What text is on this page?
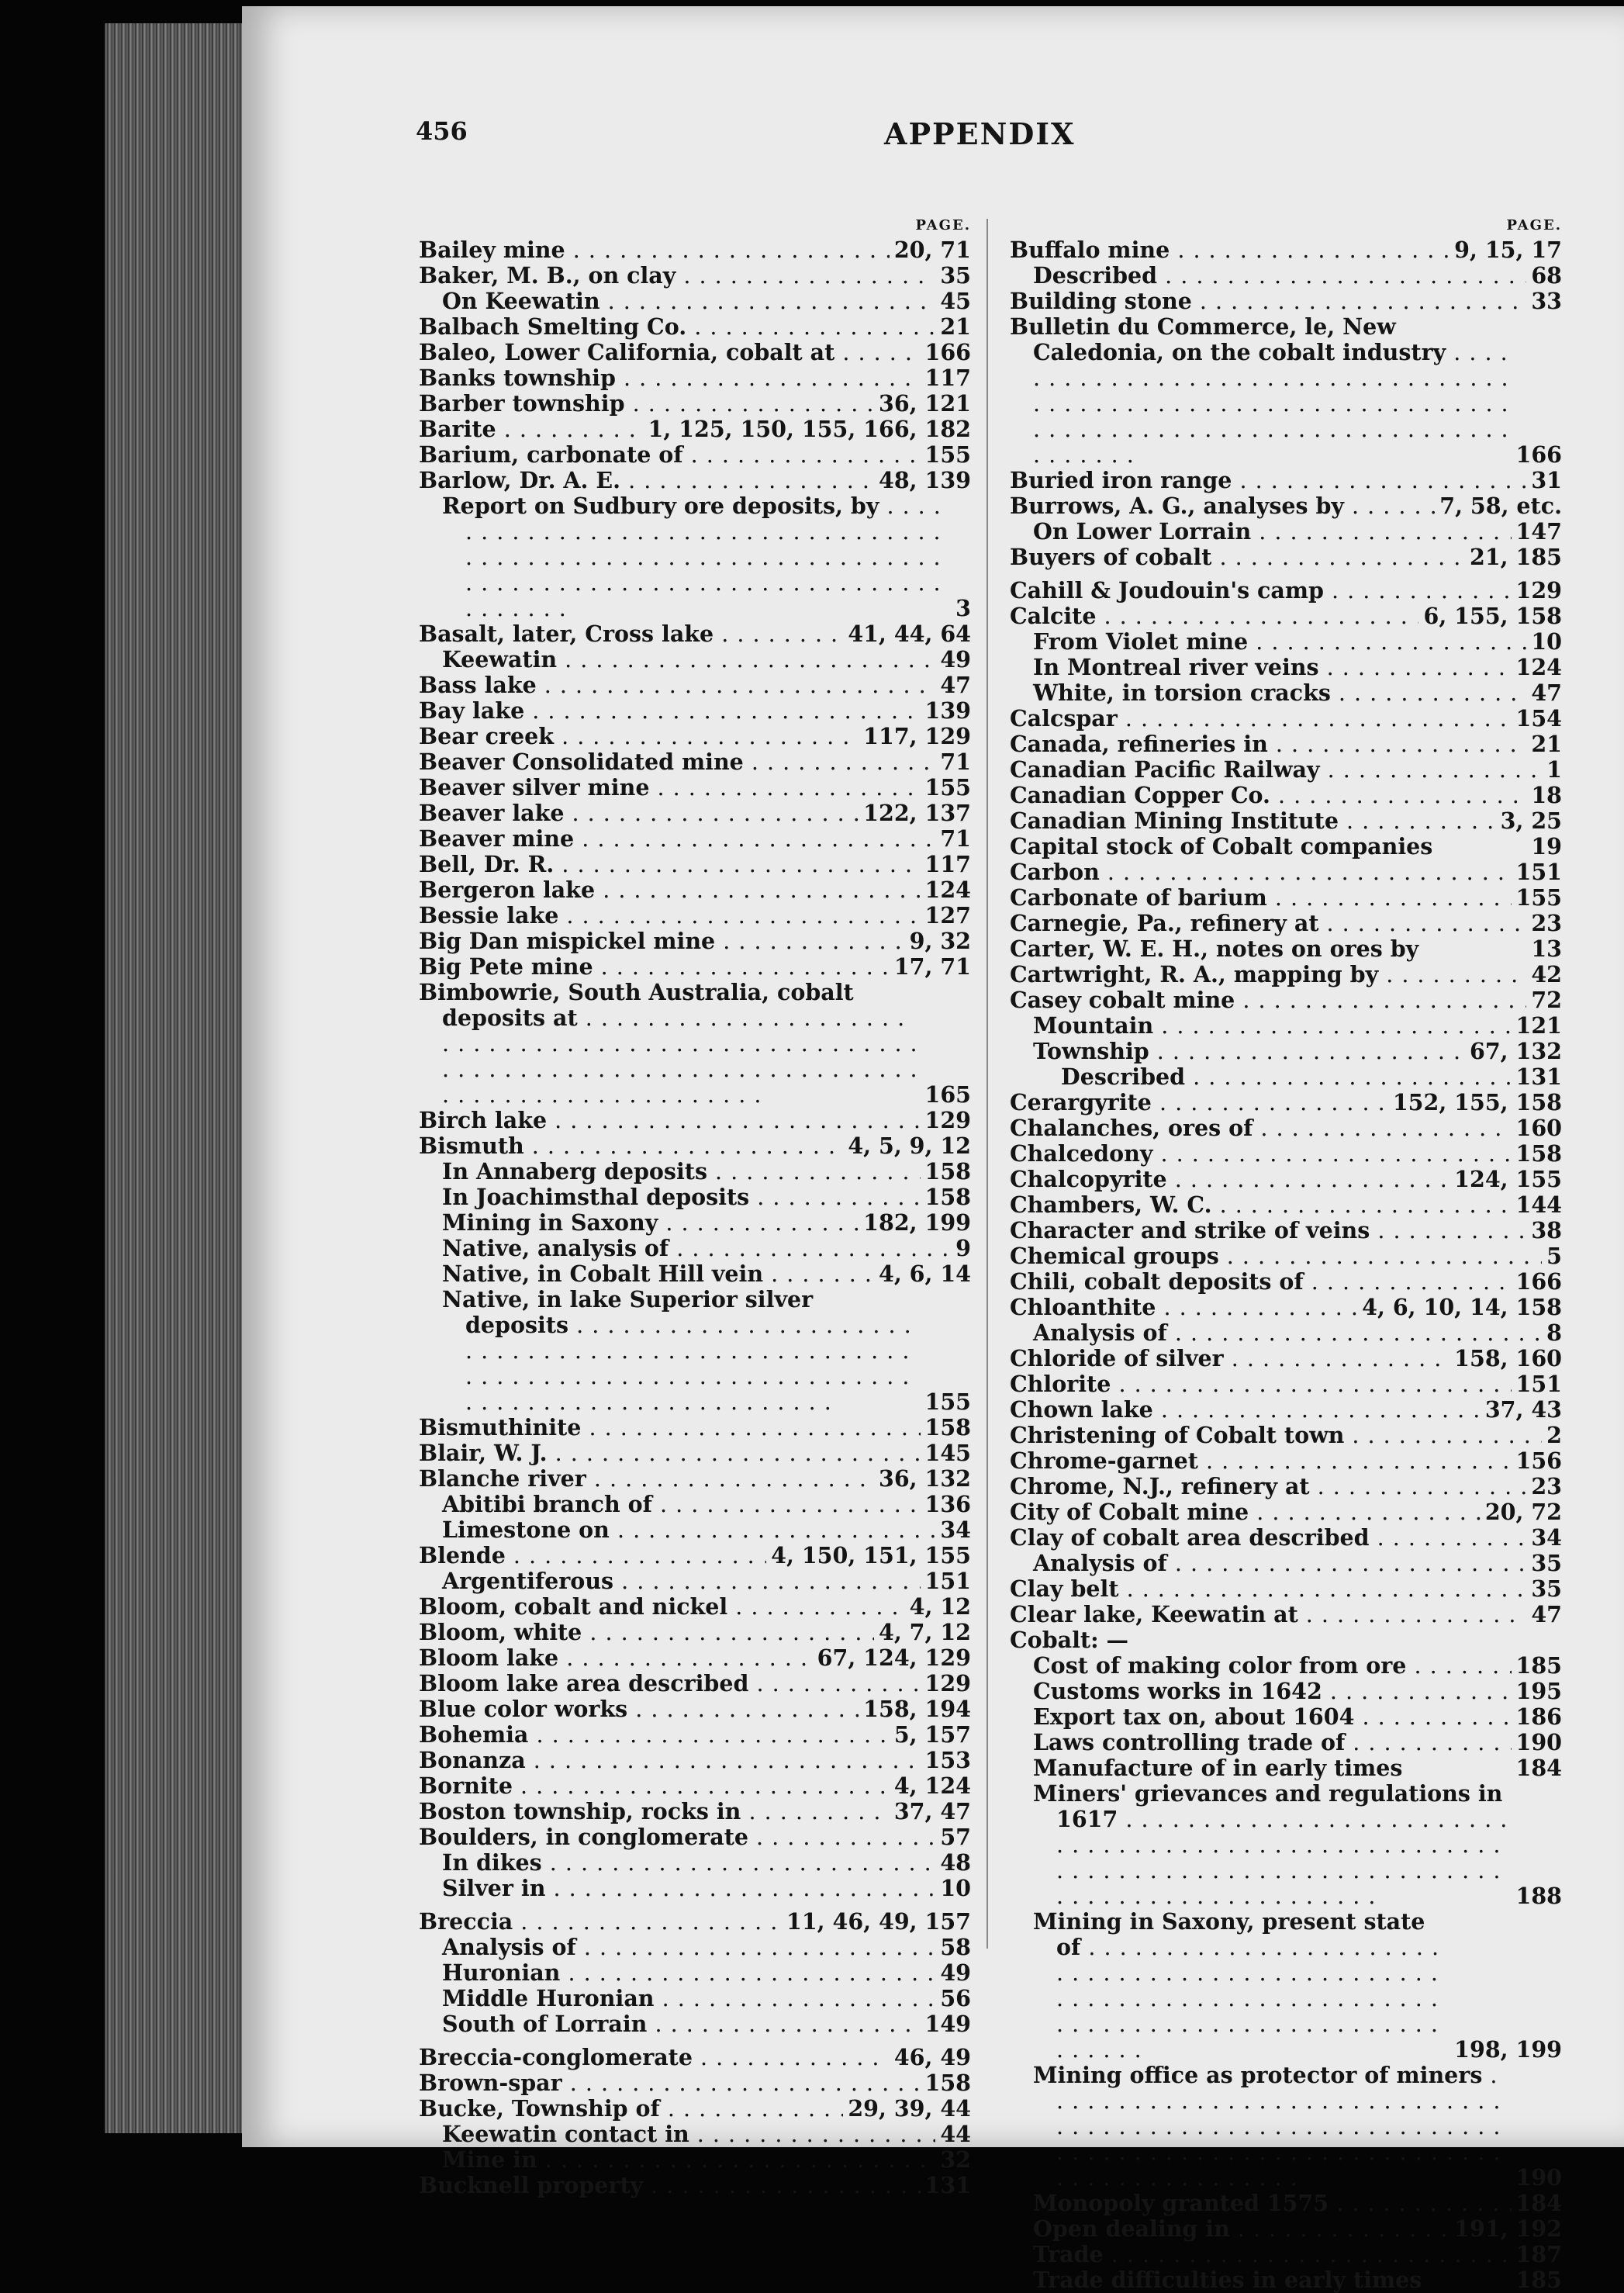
456	APPENDIX
PAGE.
Bailey mine . . .	20, 71
Baker, M. B., on clay . . .	35
On Keewatin . . .	45
Balbach Smelting Co. . . .	21
Baleo, Lower California, cobalt at . . .	166
Banks township . . .	117
Barber township . . .	36, 121
Barite . . .	1, 125, 150, 155, 166, 182
Barium, carbonate of . . .	155
Barlow, Dr. A. E. . . .	48, 139
Report on Sudbury ore deposits, by . . .
3
Basalt, later, Cross lake . . .	41, 44, 64
Keewatin . . .	49
Bass lake . . .	47
Bay lake . . .	139
Bear creek . . .	117, 129
Beaver Consolidated mine . . .	71
Beaver silver mine . . .	155
Beaver lake . . .	122, 137
Beaver mine . . .	71
Bell, Dr. R. . . .	117
Bergeron lake . . .	124
Bessie lake . . .	127
Big Dan mispickel mine . . .	9, 32
Big Pete mine . . .	17, 71
Bimbowrie, South Australia, cobalt deposits at . . .
165
Birch lake . . .	129
Bismuth . . .	4, 5, 9, 12
In Annaberg deposits . . .	158
In Joachimsthal deposits . . .	158
Mining in Saxony . . .	182, 199
Native, analysis of . . .	9
Native, in Cobalt Hill vein . . .	4, 6, 14
Native, in lake Superior silver deposits . . .
155
Bismuthinite . . .	158
Blair, W. J. . . .	145
Blanche river . . .	36, 132
Abitibi branch of . . .	136
Limestone on . . .	34
Blende . . .	4, 150, 151, 155
Argentiferous . . .	151
Bloom, cobalt and nickel . . .	4, 12
Bloom, white . . .	4, 7, 12
Bloom lake . . .	67, 124, 129
Bloom lake area described . . .	129
Blue color works . . .	158, 194
Bohemia . . .	5, 157
Bonanza . . .	153
Bornite . . .	4, 124
Boston township, rocks in . . .	37, 47
Boulders, in conglomerate . . .	57
In dikes . . .	48
Silver in . . .	10
Breccia . . .	11, 46, 49, 157
Analysis of . . .	58
Huronian . . .	49
Middle Huronian . . .	56
South of Lorrain . . .	149
Breccia-conglomerate . . .	46, 49
Brown-spar . . .	158
Bucke, Township of . . .	29, 39, 44
Keewatin contact in . . .	44
Mine in . . .	32
Bucknell property . . .	131
PAGE.
Buffalo mine . . .	9, 15, 17
Described . . .	68
Building stone . . .	33
Bulletin du Commerce, le, New Caledonia, on the cobalt industry . . .
166
Buried iron range . . .	31
Burrows, A. G., analyses by . . .	7, 58, etc.
On Lower Lorrain . . .	147
Buyers of cobalt . . .	21, 185
Cahill & Joudouin's camp . . .	129
Calcite . . .	6, 155, 158
From Violet mine . . .	10
In Montreal river veins . . .	124
White, in torsion cracks . . .	47
Calcspar . . .	154
Canada, refineries in . . .	21
Canadian Pacific Railway . . .	1
Canadian Copper Co. . . .	18
Canadian Mining Institute . . .	3, 25
Capital stock of Cobalt companies	19
Carbon . . .	151
Carbonate of barium . . .	155
Carnegie, Pa., refinery at . . .	23
Carter, W. E. H., notes on ores by	13
Cartwright, R. A., mapping by . . .	42
Casey cobalt mine . . .	72
Mountain . . .	121
Township . . .	67, 132
Described . . .	131
Cerargyrite . . .	152, 155, 158
Chalanches, ores of . . .	160
Chalcedony . . .	158
Chalcopyrite . . .	124, 155
Chambers, W. C. . . .	144
Character and strike of veins . . .	38
Chemical groups . . .	5
Chili, cobalt deposits of . . .	166
Chloanthite . . .	4, 6, 10, 14, 158
Analysis of . . .	8
Chloride of silver . . .	158, 160
Chlorite . . .	151
Chown lake . . .	37, 43
Christening of Cobalt town . . .	2
Chrome-garnet . . .	156
Chrome, N.J., refinery at . . .	23
City of Cobalt mine . . .	20, 72
Clay of cobalt area described . . .	34
Analysis of . . .	35
Clay belt . . .	35
Clear lake, Keewatin at . . .	47
Cobalt: —
Cost of making color from ore . . .	185
Customs works in 1642 . . .	195
Export tax on, about 1604 . . .	186
Laws controlling trade of . . .	190
Manufacture of in early times	184
Miners' grievances and regulations in 1617 . . .
188
Mining in Saxony, present state of . . .
198, 199
Mining office as protector of miners . . .
190
Monopoly granted 1575 . . .	184
Open dealing in . . .	191, 192
Trade . . .	187
Trade difficulties in early times	185
